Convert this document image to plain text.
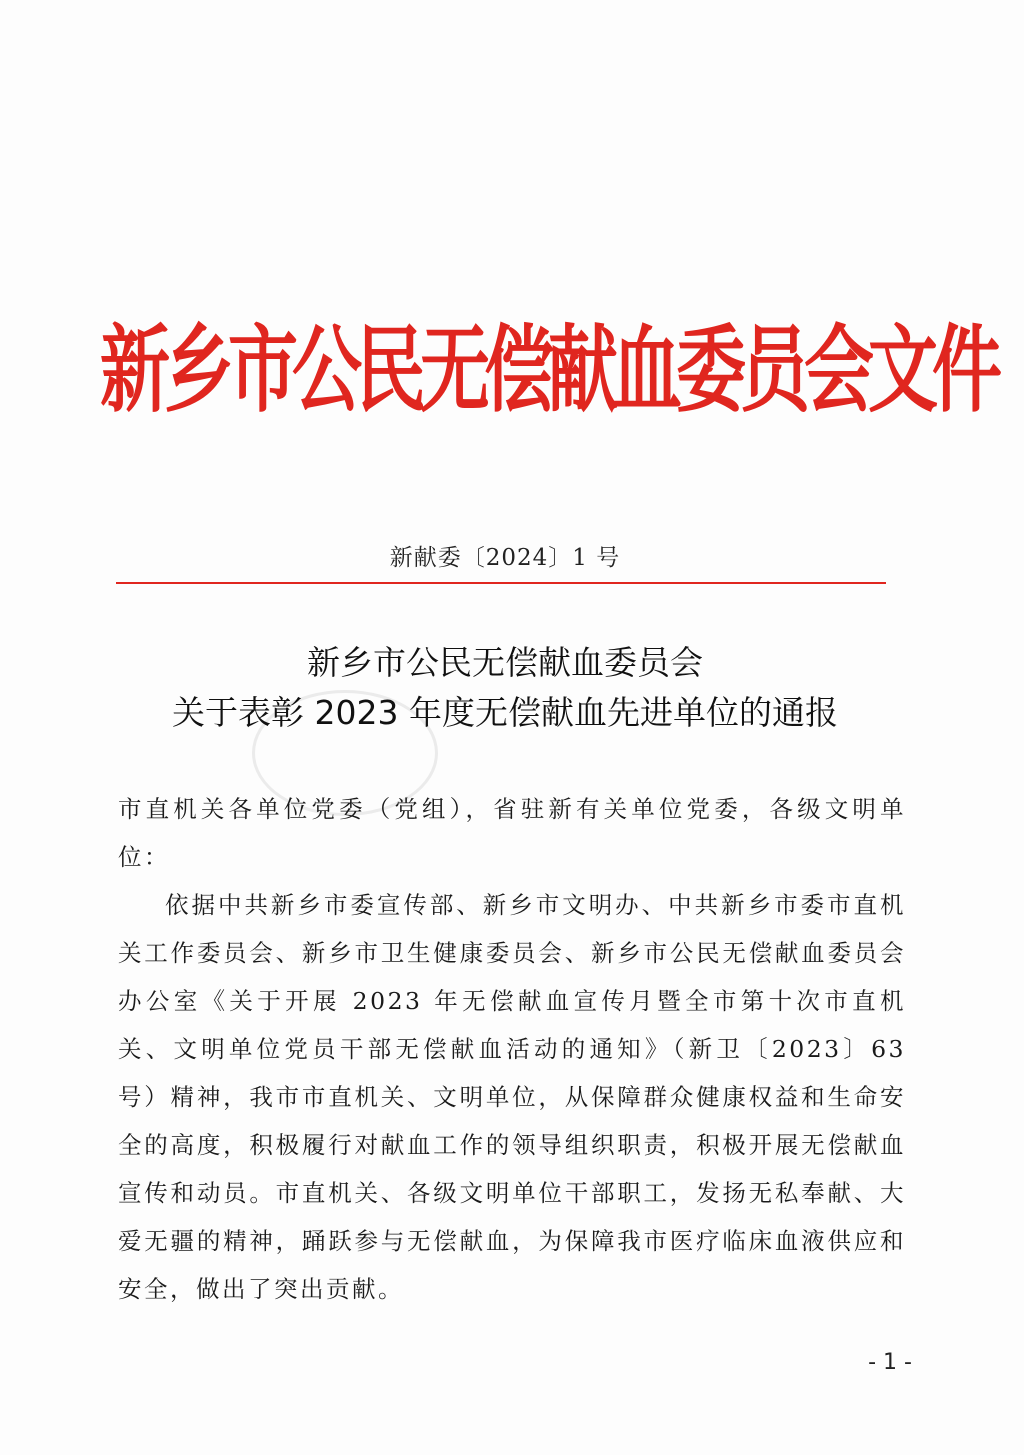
新乡市公民无偿献血委员会文件
新献委〔2024〕1 号
新乡市公民无偿献血委员会
关于表彰 2023 年度无偿献血先进单位的通报
市直机关各单位党委（党组），省驻新有关单位党委，各级文明单位：
依据中共新乡市委宣传部、新乡市文明办、中共新乡市委市直机关工作委员会、新乡市卫生健康委员会、新乡市公民无偿献血委员会办公室《关于开展 2023 年无偿献血宣传月暨全市第十次市直机关、文明单位党员干部无偿献血活动的通知》（新卫〔2023〕63 号）精神，我市市直机关、文明单位，从保障群众健康权益和生命安全的高度，积极履行对献血工作的领导组织职责，积极开展无偿献血宣传和动员。市直机关、各级文明单位干部职工，发扬无私奉献、大爱无疆的精神，踊跃参与无偿献血，为保障我市医疗临床血液供应和安全，做出了突出贡献。
- 1 -
